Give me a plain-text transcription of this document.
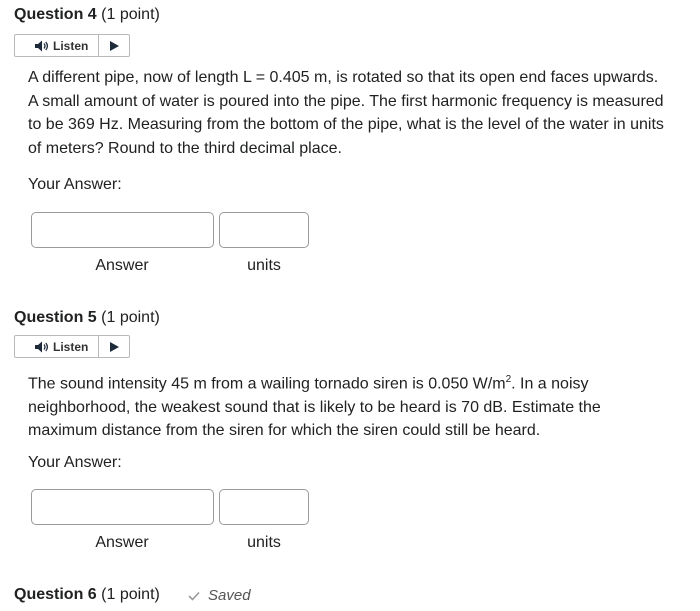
Question 4 (1 point)
Listen
A different pipe, now of length L = 0.405 m, is rotated so that its open end faces upwards. A small amount of water is poured into the pipe. The first harmonic frequency is measured to be 369 Hz. Measuring from the bottom of the pipe, what is the level of the water in units of meters? Round to the third decimal place.
Your Answer:
Answer	units
Question 5 (1 point)
Listen
The sound intensity 45 m from a wailing tornado siren is 0.050 $W/m^2$. In a noisy neighborhood, the weakest sound that is likely to be heard is 70 dB. Estimate the maximum distance from the siren for which the siren could still be heard.
Your Answer:
Answer	units
Question 6 (1 point)	Saved
